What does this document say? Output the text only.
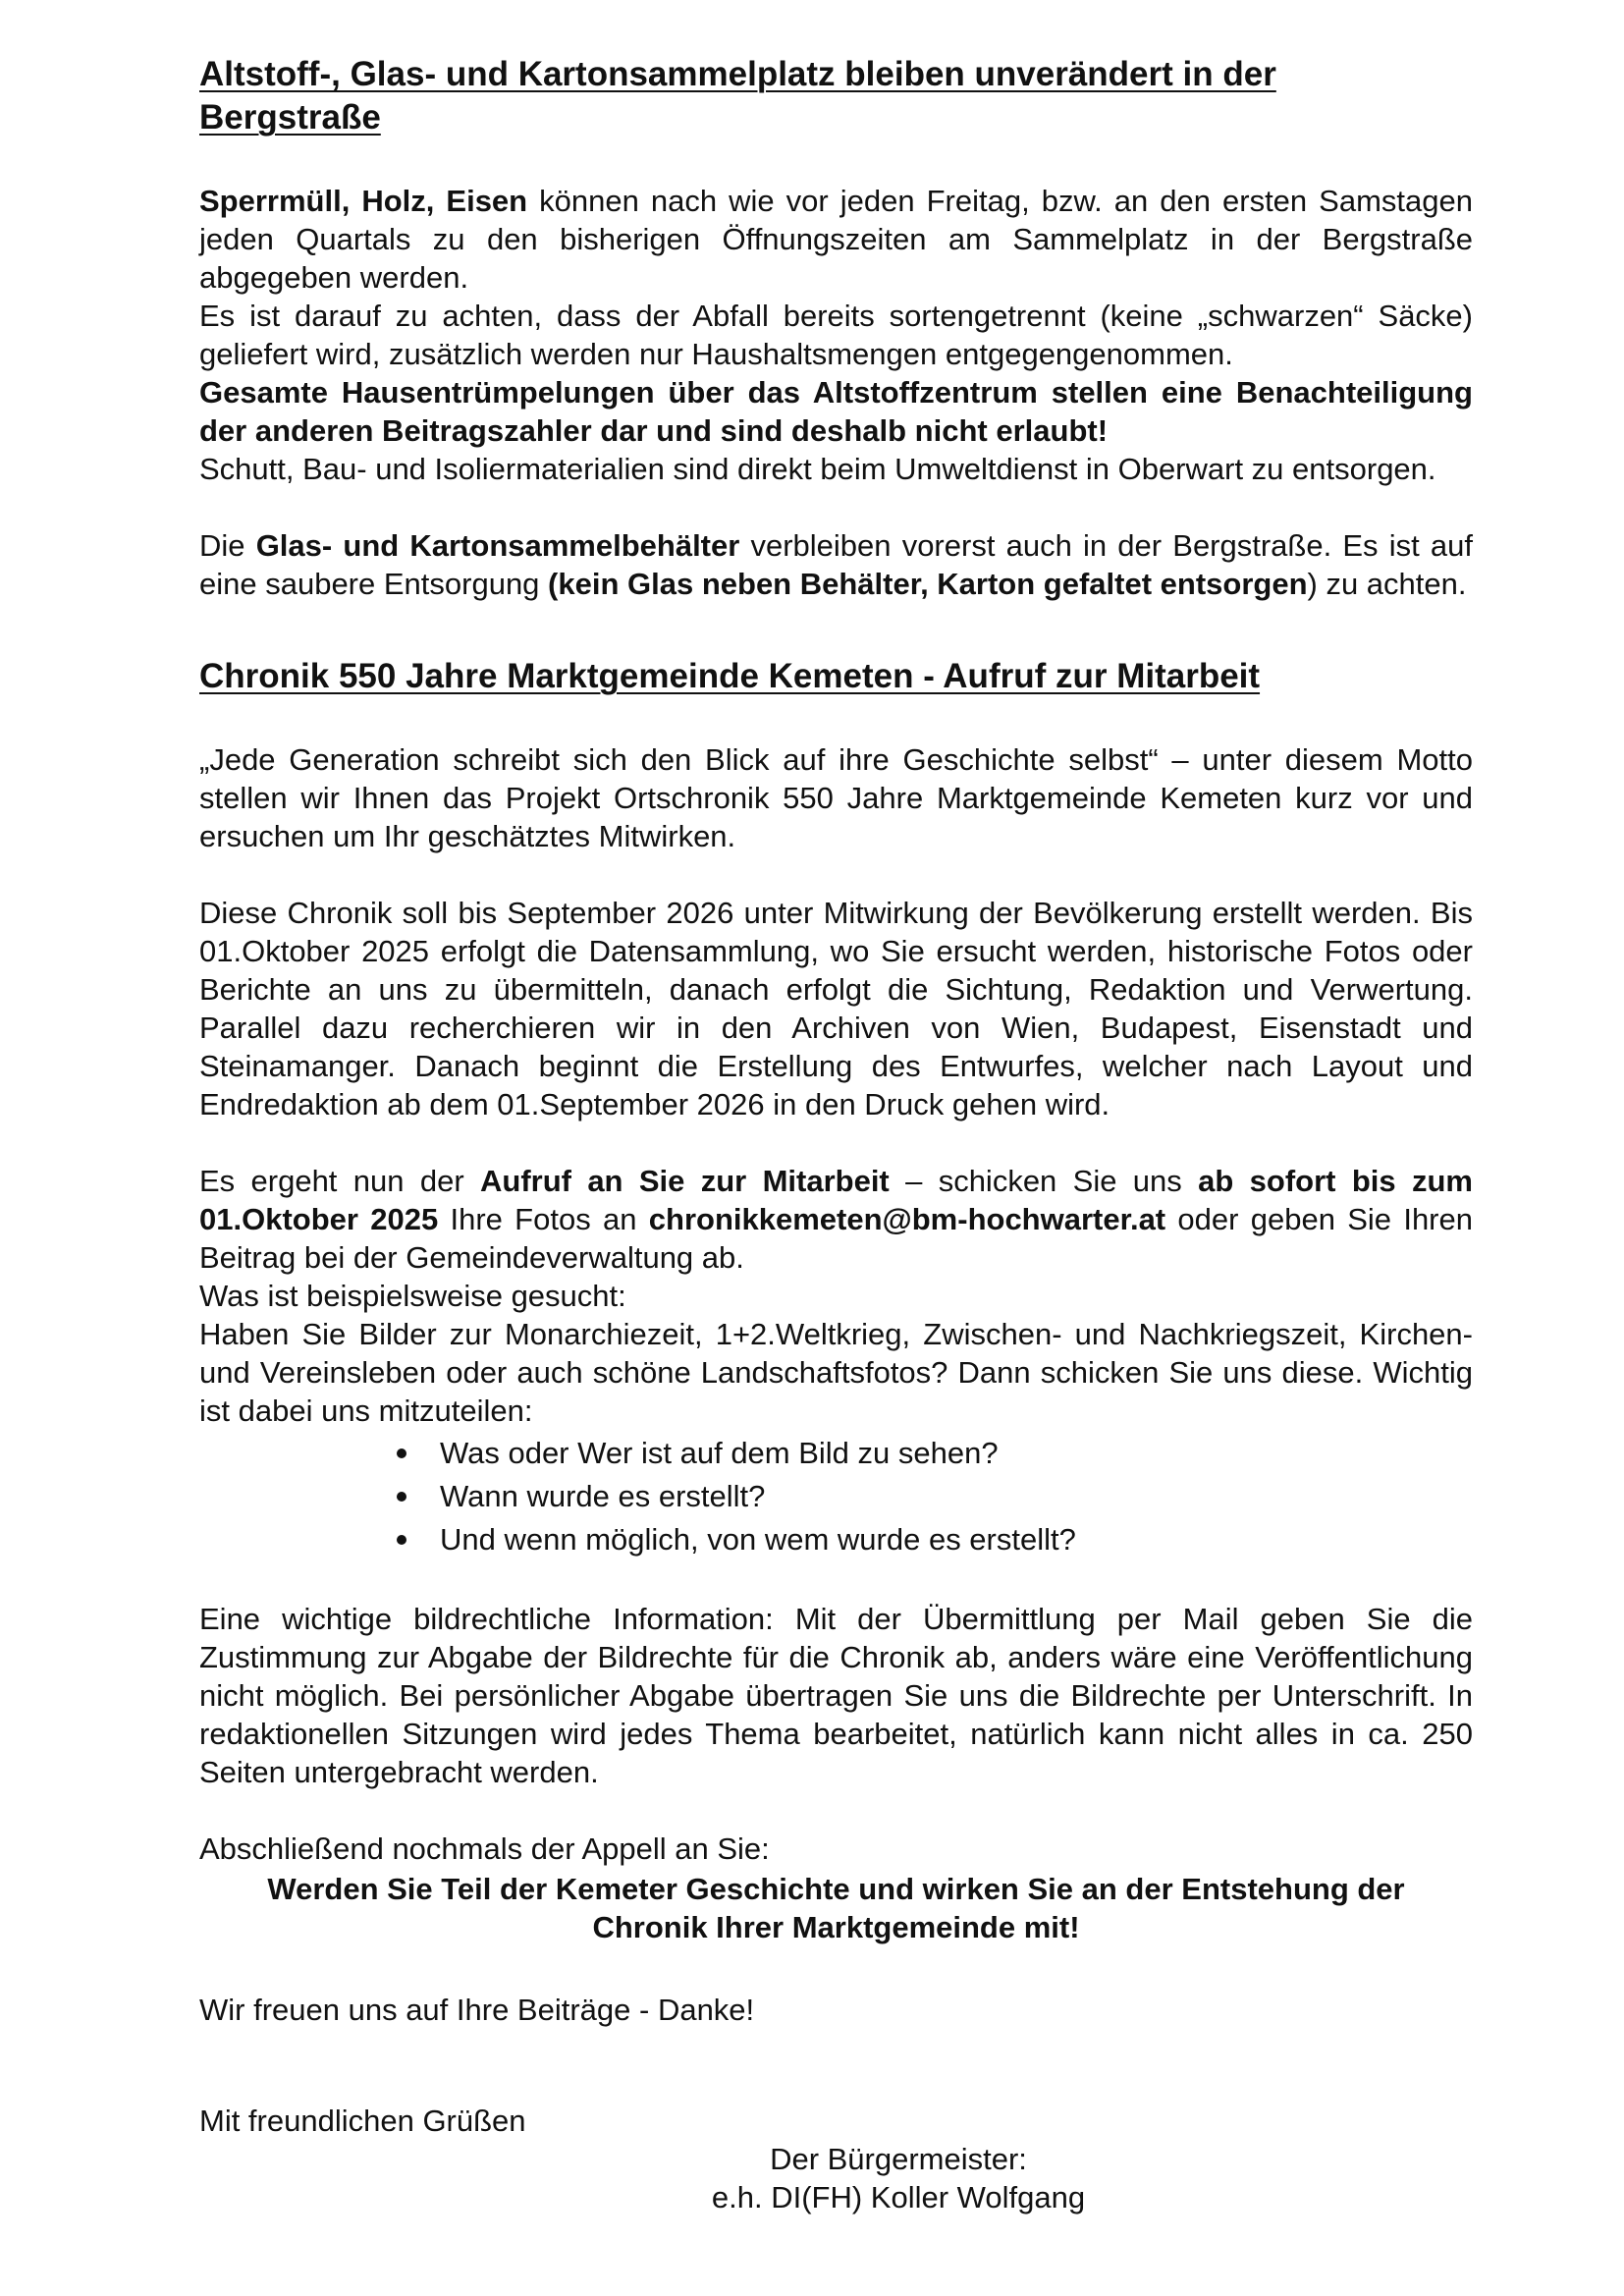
Altstoff-, Glas- und Kartonsammelplatz bleiben unverändert in der
Bergstraße

Sperrmüll, Holz, Eisen können nach wie vor jeden Freitag, bzw. an den ersten Samstagen jeden Quartals zu den bisherigen Öffnungszeiten am Sammelplatz in der Bergstraße abgegeben werden.
Es ist darauf zu achten, dass der Abfall bereits sortengetrennt (keine „schwarzen“ Säcke) geliefert wird, zusätzlich werden nur Haushaltsmengen entgegengenommen.
Gesamte Hausentrümpelungen über das Altstoffzentrum stellen eine Benachteiligung der anderen Beitragszahler dar und sind deshalb nicht erlaubt!
Schutt, Bau- und Isoliermaterialien sind direkt beim Umweltdienst in Oberwart zu entsorgen.

Die Glas- und Kartonsammelbehälter verbleiben vorerst auch in der Bergstraße. Es ist auf eine saubere Entsorgung (kein Glas neben Behälter, Karton gefaltet entsorgen) zu achten.

Chronik 550 Jahre Marktgemeinde Kemeten - Aufruf zur Mitarbeit

„Jede Generation schreibt sich den Blick auf ihre Geschichte selbst“ – unter diesem Motto stellen wir Ihnen das Projekt Ortschronik 550 Jahre Marktgemeinde Kemeten kurz vor und ersuchen um Ihr geschätztes Mitwirken.

Diese Chronik soll bis September 2026 unter Mitwirkung der Bevölkerung erstellt werden. Bis 01.Oktober 2025 erfolgt die Datensammlung, wo Sie ersucht werden, historische Fotos oder Berichte an uns zu übermitteln, danach erfolgt die Sichtung, Redaktion und Verwertung. Parallel dazu recherchieren wir in den Archiven von Wien, Budapest, Eisenstadt und Steinamanger. Danach beginnt die Erstellung des Entwurfes, welcher nach Layout und Endredaktion ab dem 01.September 2026 in den Druck gehen wird.

Es ergeht nun der Aufruf an Sie zur Mitarbeit – schicken Sie uns ab sofort bis zum 01.Oktober 2025 Ihre Fotos an chronikkemeten@bm-hochwarter.at oder geben Sie Ihren Beitrag bei der Gemeindeverwaltung ab.
Was ist beispielsweise gesucht:
Haben Sie Bilder zur Monarchiezeit, 1+2.Weltkrieg, Zwischen- und Nachkriegszeit, Kirchen- und Vereinsleben oder auch schöne Landschaftsfotos? Dann schicken Sie uns diese. Wichtig ist dabei uns mitzuteilen:

Was oder Wer ist auf dem Bild zu sehen?
Wann wurde es erstellt?
Und wenn möglich, von wem wurde es erstellt?

Eine wichtige bildrechtliche Information: Mit der Übermittlung per Mail geben Sie die Zustimmung zur Abgabe der Bildrechte für die Chronik ab, anders wäre eine Veröffentlichung nicht möglich. Bei persönlicher Abgabe übertragen Sie uns die Bildrechte per Unterschrift. In redaktionellen Sitzungen wird jedes Thema bearbeitet, natürlich kann nicht alles in ca. 250 Seiten untergebracht werden.

Abschließend nochmals der Appell an Sie:

Werden Sie Teil der Kemeter Geschichte und wirken Sie an der Entstehung der
Chronik Ihrer Marktgemeinde mit!

Wir freuen uns auf Ihre Beiträge - Danke!

Mit freundlichen Grüßen

Der Bürgermeister:
e.h. DI(FH) Koller Wolfgang
